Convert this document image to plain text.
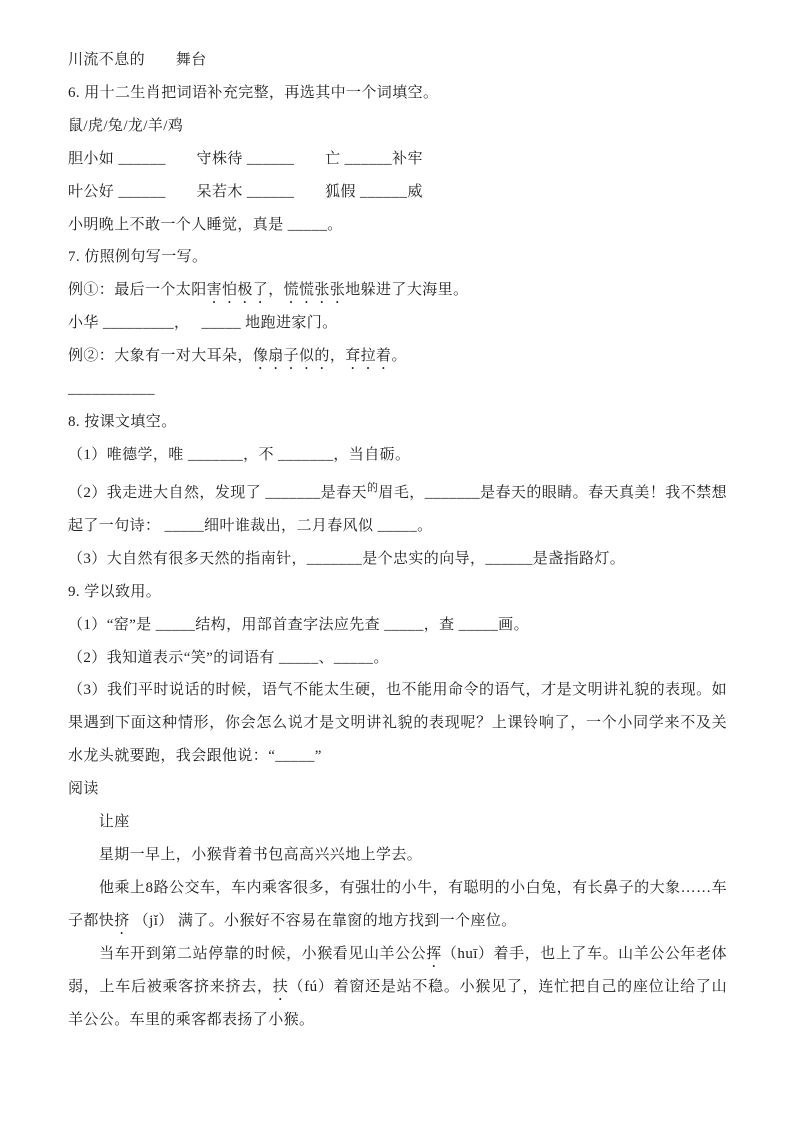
川流不息的　　舞台

6. 用十二生肖把词语补充完整，再选其中一个词填空。

鼠/虎/兔/龙/羊/鸡

胆小如 ______　　守株待 ______　　亡 ______补牢

叶公好 ______　　呆若木 ______　　狐假 ______威

小明晚上不敢一个人睡觉，真是 _____。

7. 仿照例句写一写。

例①：最后一个太阳害怕极了，慌慌张张地躲进了大海里。

小华 _________，　 _____ 地跑进家门。

例②：大象有一对大耳朵，像扇子似的，耷拉着。

___________

8. 按课文填空。

（1）唯德学，唯 _______，不 _______，当自砺。

（2）我走进大自然，发现了 _______是春天$^的$眉毛，_______是春天的眼睛。春天真美！我不禁想起了一句诗： _____细叶谁裁出，二月春风似 _____。

（3）大自然有很多天然的指南针，_______是个忠实的向导，______是盏指路灯。

9. 学以致用。

（1）“窑”是 _____结构，用部首查字法应先查 _____，查 _____画。

（2）我知道表示“笑”的词语有 _____、_____。

（3）我们平时说话的时候，语气不能太生硬，也不能用命令的语气，才是文明讲礼貌的表现。如果遇到下面这种情形，你会怎么说才是文明讲礼貌的表现呢？上课铃响了，一个小同学来不及关水龙头就要跑，我会跟他说：“_____”

阅读

　　让座

　　星期一早上，小猴背着书包高高兴兴地上学去。

　　他乘上8路公交车，车内乘客很多，有强壮的小牛，有聪明的小白兔，有长鼻子的大象……车子都快挤 （jǐ） 满了。小猴好不容易在靠窗的地方找到一个座位。

　　当车开到第二站停靠的时候，小猴看见山羊公公挥（huī）着手，也上了车。山羊公公年老体弱，上车后被乘客挤来挤去，扶（fú）着窗还是站不稳。小猴见了，连忙把自己的座位让给了山羊公公。车里的乘客都表扬了小猴。
